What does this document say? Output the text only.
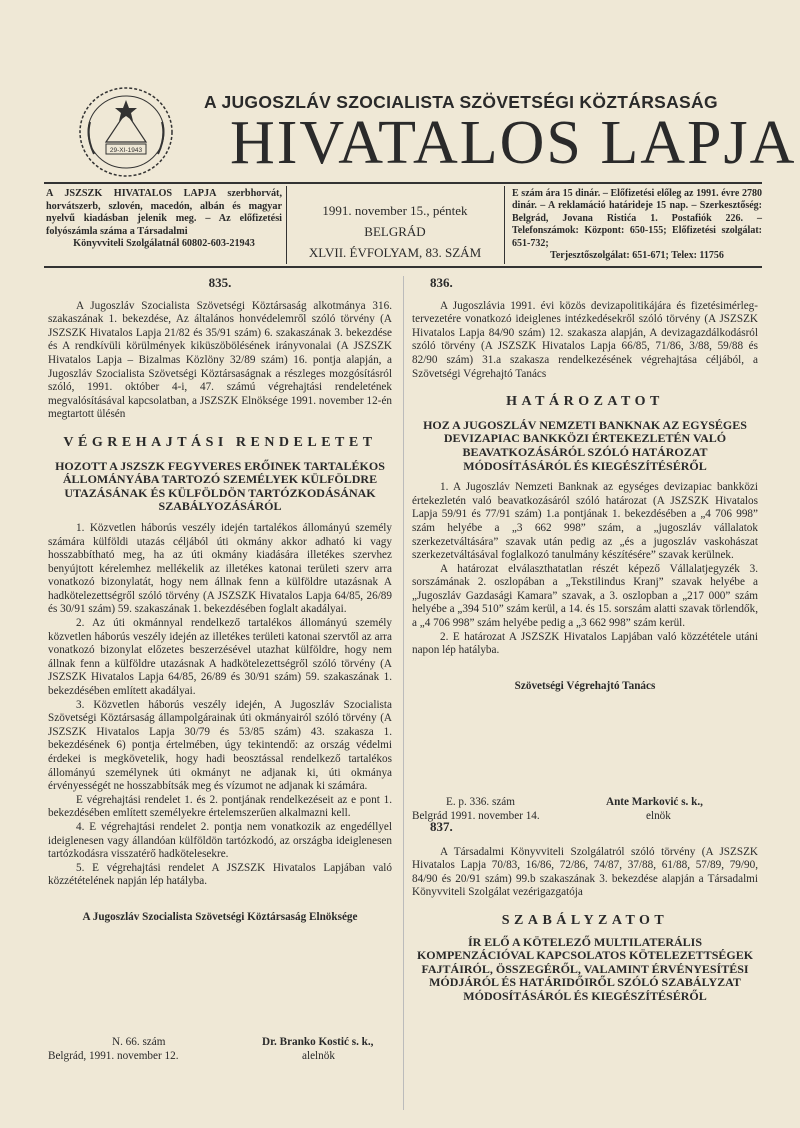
29-XI-1943
A JUGOSZLÁV SZOCIALISTA SZÖVETSÉGI KÖZTÁRSASÁG
HIVATALOS LAPJA
A JSZSZK HIVATALOS LAPJA szerbhorvát, horvátszerb, szlovén, macedón, albán és magyar nyelvű kiadásban jelenik meg. – Az előfizetési folyószámla száma a Társadalmi
Könyvviteli Szolgálatnál 60802-603-21943
1991. november 15., péntek
BELGRÁD
XLVII. ÉVFOLYAM, 83. SZÁM
E szám ára 15 dinár. – Előfizetési előleg az 1991. évre 2780 dinár. – A reklamáció határideje 15 nap. – Szerkesztőség: Belgrád, Jovana Ristića 1. Postafiók 226. – Telefonszámok: Központ: 650-155; Előfizetési szolgálat: 651-732;
Terjesztőszolgálat: 651-671; Telex: 11756
835.

A Jugoszláv Szocialista Szövetségi Köztársaság alkotmánya 316. szakaszának 1. bekezdése, Az általános honvédelemről szóló törvény (A JSZSZK Hivatalos Lapja 21/82 és 35/91 szám) 6. szakaszának 3. bekezdése és A rendkívüli körülmények kiküszöbölésének irányvonalai (A JSZSZK Hivatalos Lapja – Bizalmas Közlöny 32/89 szám) 16. pontja alapján, a Jugoszláv Szocialista Szövetségi Köztársaságnak a részleges mozgósításról szóló, 1991. október 4-i, 47. számú végrehajtási rendeletének megvalósításával kapcsolatban, a JSZSZK Elnöksége 1991. november 12-én megtartott ülésén

VÉGREHAJTÁSI RENDELETET
HOZOTT A JSZSZK FEGYVERES ERŐINEK TARTALÉKOS ÁLLOMÁNYÁBA TARTOZÓ SZEMÉLYEK KÜLFÖLDRE UTAZÁSÁNAK ÉS KÜLFÖLDÖN TARTÓZKODÁSÁNAK SZABÁLYOZÁSÁRÓL

1. Közvetlen háborús veszély idején tartalékos állományú személy számára külföldi utazás céljából úti okmány akkor adható ki vagy hosszabbítható meg, ha az úti okmány kiadására illetékes szervhez benyújtott kérelemhez mellékelik az illetékes katonai területi szerv arra vonatkozó bizonylatát, hogy nem állnak fenn a külföldre utazásnak A hadkötelezettségről szóló törvény (A JSZSZK Hivatalos Lapja 64/85, 26/89 és 30/91 szám) 59. szakaszának 1. bekezdésében foglalt akadályai.

2. Az úti okmánnyal rendelkező tartalékos állományú személy közvetlen háborús veszély idején az illetékes területi katonai szervtől az arra vonatkozó bizonylat előzetes beszerzésével utazhat külföldre, hogy nem állnak fenn a külföldre utazásnak A hadkötelezettségről szóló törvény (A JSZSZK Hivatalos Lapja 64/85, 26/89 és 30/91 szám) 59. szakaszának 1. bekezdésében említett akadályai.

3. Közvetlen háborús veszély idején, A Jugoszláv Szocialista Szövetségi Köztársaság állampolgárainak úti okmányairól szóló törvény (A JSZSZK Hivatalos Lapja 30/79 és 53/85 szám) 43. szakasza 1. bekezdésének 6) pontja értelmében, úgy tekintendő: az ország védelmi érdekei is megkövetelik, hogy hadi beosztással rendelkező tartalékos állományú személynek úti okmányt ne adjanak ki, úti okmánya érvényességét ne hosszabbítsák meg és vízumot ne adjanak ki számára.

E végrehajtási rendelet 1. és 2. pontjának rendelkezéseit az e pont 1. bekezdésében említett személyekre értelemszerűen alkalmazni kell.

4. E végrehajtási rendelet 2. pontja nem vonatkozik az engedéllyel ideiglenesen vagy állandóan külföldön tartózkodó, az országba ideiglenesen tartózkodásra visszatérő hadkötelesekre.

5. E végrehajtási rendelet A JSZSZK Hivatalos Lapjában való közzétételének napján lép hatályba.

A Jugoszláv Szocialista Szövetségi Köztársaság Elnöksége
N. 66. szám
Belgrád, 1991. november 12.
Dr. Branko Kostić s. k.,
alelnök
836.

A Jugoszlávia 1991. évi közös devizapolitikájára és fizetésimérleg-tervezetére vonatkozó ideiglenes intézkedésekről szóló törvény (A JSZSZK Hivatalos Lapja 84/90 szám) 12. szakasza alapján, A devizagazdálkodásról szóló törvény (A JSZSZK Hivatalos Lapja 66/85, 71/86, 3/88, 59/88 és 82/90 szám) 31.a szakasza rendelkezésének végrehajtása céljából, a Szövetségi Végrehajtó Tanács

HATÁROZATOT
HOZ A JUGOSZLÁV NEMZETI BANKNAK AZ EGYSÉGES DEVIZAPIAC BANKKÖZI ÉRTEKEZLETÉN VALÓ BEAVATKOZÁSÁRÓL SZÓLÓ HATÁROZAT MÓDOSÍTÁSÁRÓL ÉS KIEGÉSZÍTÉSÉRŐL

1. A Jugoszláv Nemzeti Banknak az egységes devizapiac bankközi értekezletén való beavatkozásáról szóló határozat (A JSZSZK Hivatalos Lapja 59/91 és 77/91 szám) 1.a pontjának 1. bekezdésében a „4 706 998” szám helyébe a „3 662 998” szám, a „jugoszláv vállalatok szerkezetváltására” szavak után pedig az „és a jugoszláv vaskohászat szerkezetváltásával foglalkozó tanulmány készítésére” szavak kerülnek.

A határozat elválaszthatatlan részét képező Vállalatjegyzék 3. sorszámának 2. oszlopában a „Tekstilindus Kranj” szavak helyébe a „Jugoszláv Gazdasági Kamara” szavak, a 3. oszlopban a „217 000” szám helyébe a „394 510” szám kerül, a 14. és 15. sorszám alatti szavak törlendők, a „4 706 998” szám helyébe pedig a „3 662 998” szám kerül.

2. E határozat A JSZSZK Hivatalos Lapjában való közzététele utáni napon lép hatályba.

Szövetségi Végrehajtó Tanács
E. p. 336. szám
Belgrád 1991. november 14.
Ante Marković s. k.,
elnök
837.

A Társadalmi Könyvviteli Szolgálatról szóló törvény (A JSZSZK Hivatalos Lapja 70/83, 16/86, 72/86, 74/87, 37/88, 61/88, 57/89, 79/90, 84/90 és 20/91 szám) 99.b szakaszának 3. bekezdése alapján a Társadalmi Könyvviteli Szolgálat vezérigazgatója

SZABÁLYZATOT
ÍR ELŐ A KÖTELEZŐ MULTILATERÁLIS KOMPENZÁCIÓVAL KAPCSOLATOS KÖTELEZETTSÉGEK FAJTÁIRÓL, ÖSSZEGÉRŐL, VALAMINT ÉRVÉNYESÍTÉSI MÓDJÁRÓL ÉS HATÁRIDŐIRŐL SZÓLÓ SZABÁLYZAT MÓDOSÍTÁSÁRÓL ÉS KIEGÉSZÍTÉSÉRŐL
